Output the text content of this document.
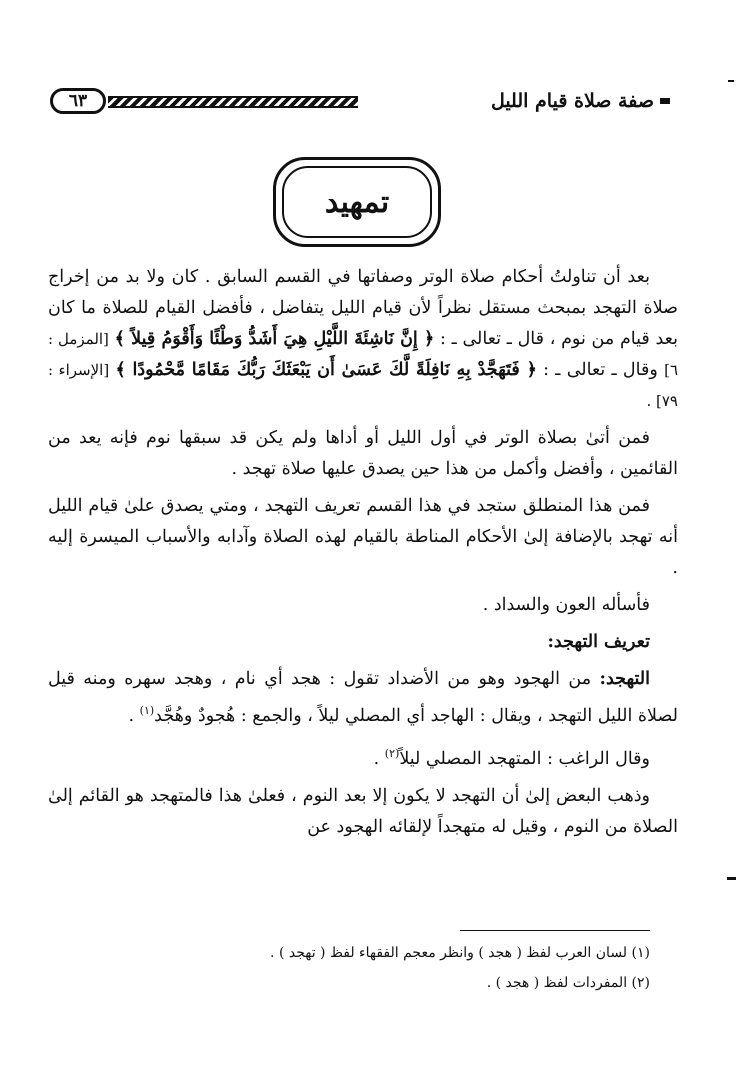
٦٣	صفة صلاة قيام الليل
تمهيد

بعد أن تناولتُ أحكام صلاة الوتر وصفاتها في القسم السابق . كان ولا بد من إخراج صلاة التهجد بمبحث مستقل نظراً لأن قيام الليل يتفاضل ، فأفضل القيام للصلاة ما كان بعد قيام من نوم ، قال ـ تعالى ـ : ﴿ إِنَّ نَاشِئَةَ اللَّيْلِ هِيَ أَشَدُّ وَطْئًا وَأَقْوَمُ قِيلاً ﴾ [المزمل : ٦] وقال ـ تعالى ـ : ﴿ فَتَهَجَّدْ بِهِ نَافِلَةً لَّكَ عَسَىٰ أَن يَبْعَثَكَ رَبُّكَ مَقَامًا مَّحْمُودًا ﴾ [الإسراء : ٧٩] .

فمن أتىٰ بصلاة الوتر في أول الليل أو أداها ولم يكن قد سبقها نوم فإنه يعد من القائمين ، وأفضل وأكمل من هذا حين يصدق عليها صلاة تهجد .

فمن هذا المنطلق ستجد في هذا القسم تعريف التهجد ، ومتي يصدق علىٰ قيام الليل أنه تهجد بالإضافة إلىٰ الأحكام المناطة بالقيام لهذه الصلاة وآدابه والأسباب الميسرة إليه .

فأسأله العون والسداد .

تعريف التهجد:

التهجد: من الهجود وهو من الأضداد تقول : هجد أي نام ، وهجد سهره ومنه قيل لصلاة الليل التهجد ، ويقال : الهاجد أي المصلي ليلاً ، والجمع : هُجودٌ وهُجَّد$^{(١)}$ .

وقال الراغب : المتهجد المصلي ليلاً$^{(٢)}$ .

وذهب البعض إلىٰ أن التهجد لا يكون إلا بعد النوم ، فعلىٰ هذا فالمتهجد هو القائم إلىٰ الصلاة من النوم ، وقيل له متهجداً لإلقائه الهجود عن

(١) لسان العرب لفظ ( هجد ) وانظر معجم الفقهاء لفظ ( تهجد ) .
(٢) المفردات لفظ ( هجد ) .
